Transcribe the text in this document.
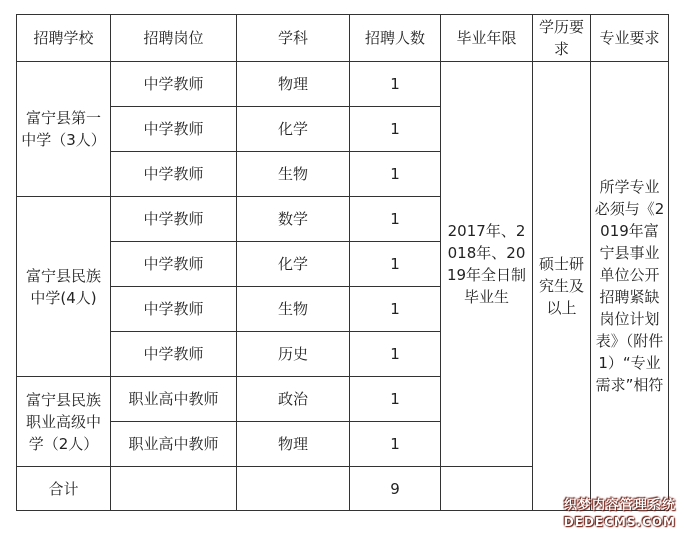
招聘学校	招聘岗位	学科	招聘人数	毕业年限	学历要求	专业要求
富宁县第一中学（3人）	中学教师	物理	1	2017年、2018年、2019年全日制毕业生	硕士研究生及以上	所学专业必须与《2019年富宁县事业单位公开招聘紧缺岗位计划表》（附件1）“专业需求”相符
	中学教师	化学	1			
	中学教师	生物	1			
富宁县民族中学(4人)	中学教师	数学	1			
	中学教师	化学	1			
	中学教师	生物	1			
	中学教师	历史	1			
富宁县民族职业高级中学（2人）	职业高中教师	政治	1			
	职业高中教师	物理	1			
合计			9			
织梦内容管理系统
DEDECMS.COM
